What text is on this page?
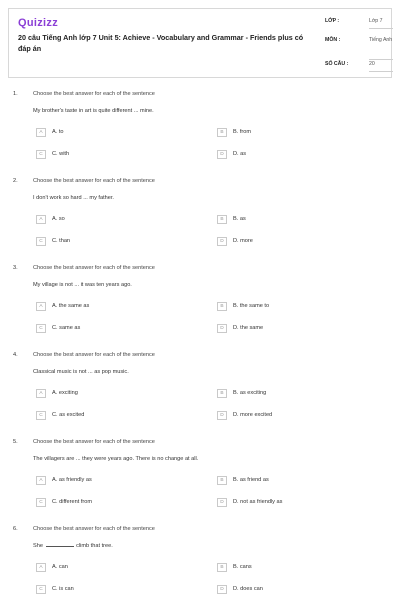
Quizizz
20 câu Tiếng Anh lớp 7 Unit 5: Achieve - Vocabulary and Grammar - Friends plus có đáp án
LỚP :	Lớp 7
MÔN :	Tiếng Anh
SỐ CÂU :	20
1.	Choose the best answer for each of the sentence
My brother's taste in art is quite different ... mine.
A	A. to	B	B. from
C	C. with	D	D. as
2.	Choose the best answer for each of the sentence
I don't work so hard ... my father.
A	A. so	B	B. as
C	C. than	D	D. more
3.	Choose the best answer for each of the sentence
My village is not ... it was ten years ago.
A	A. the same as	B	B. the same to
C	C. same as	D	D. the same
4.	Choose the best answer for each of the sentence
Classical music is not ... as pop music.
A	A. exciting	B	B. as exciting
C	C. as excited	D	D. more excited
5.	Choose the best answer for each of the sentence
The villagers are ... they were years ago. There is no change at all.
A	A. as friendly as	B	B. as friend as
C	C. different from	D	D. not as friendly as
6.	Choose the best answer for each of the sentence
She	climb that tree.
A	A. can	B	B. cans
C	C. is can	D	D. does can
